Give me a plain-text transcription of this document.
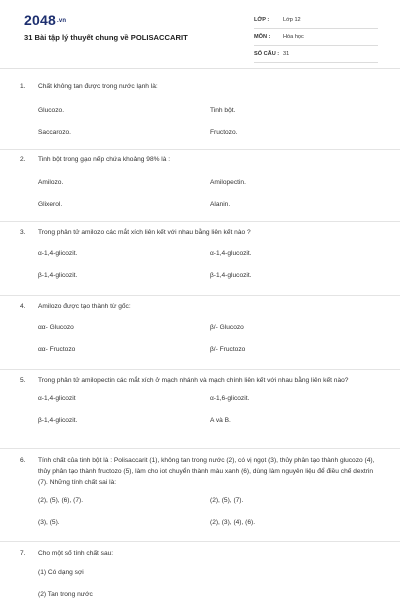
2048.vn
31 Bài tập lý thuyết chung về POLISACCARIT
LỚP :	Lớp 12
MÔN :	Hóa học
SỐ CÂU : 31
1. Chất không tan được trong nước lạnh là:
Glucozo.	Tinh bột.
Saccarozo.	Fructozo.
2. Tinh bột trong gạo nếp chứa khoảng 98% là :
Amilozo.	Amilopectin.
Glixerol.	Alanin.
3. Trong phân tử amilozo các mắt xích liên kết với nhau bằng liên kết nào ?
α-1,4-glicozit.	α-1,4-glucozit.
β-1,4-glicozit.	β-1,4-glucozit.
4. Amilozo được tạo thành từ gốc:
αα- Glucozo	β/- Glucozo
αα- Fructozo	β/- Fructozo
5. Trong phân tử amilopectin các mắt xích ở mạch nhánh và mạch chính liên kết với nhau bằng liên kết nào?
α-1,4-glicozit	α-1,6-glicozit.
β-1,4-glicozit.	A và B.
6. Tính chất của tinh bột là : Polisaccarit (1), không tan trong nước (2), có vị ngọt (3), thủy phân tạo thành glucozo (4), thủy phân tạo thành fructozo (5), làm cho iot chuyển thành màu xanh (6), dùng làm nguyên liệu để điều chế dextrin (7). Những tính chất sai là:
(2), (5), (6), (7).	(2), (5), (7).
(3), (5).	(2), (3), (4), (6).
7. Cho một số tính chất sau:
(1) Có dạng sợi
(2) Tan trong nước
